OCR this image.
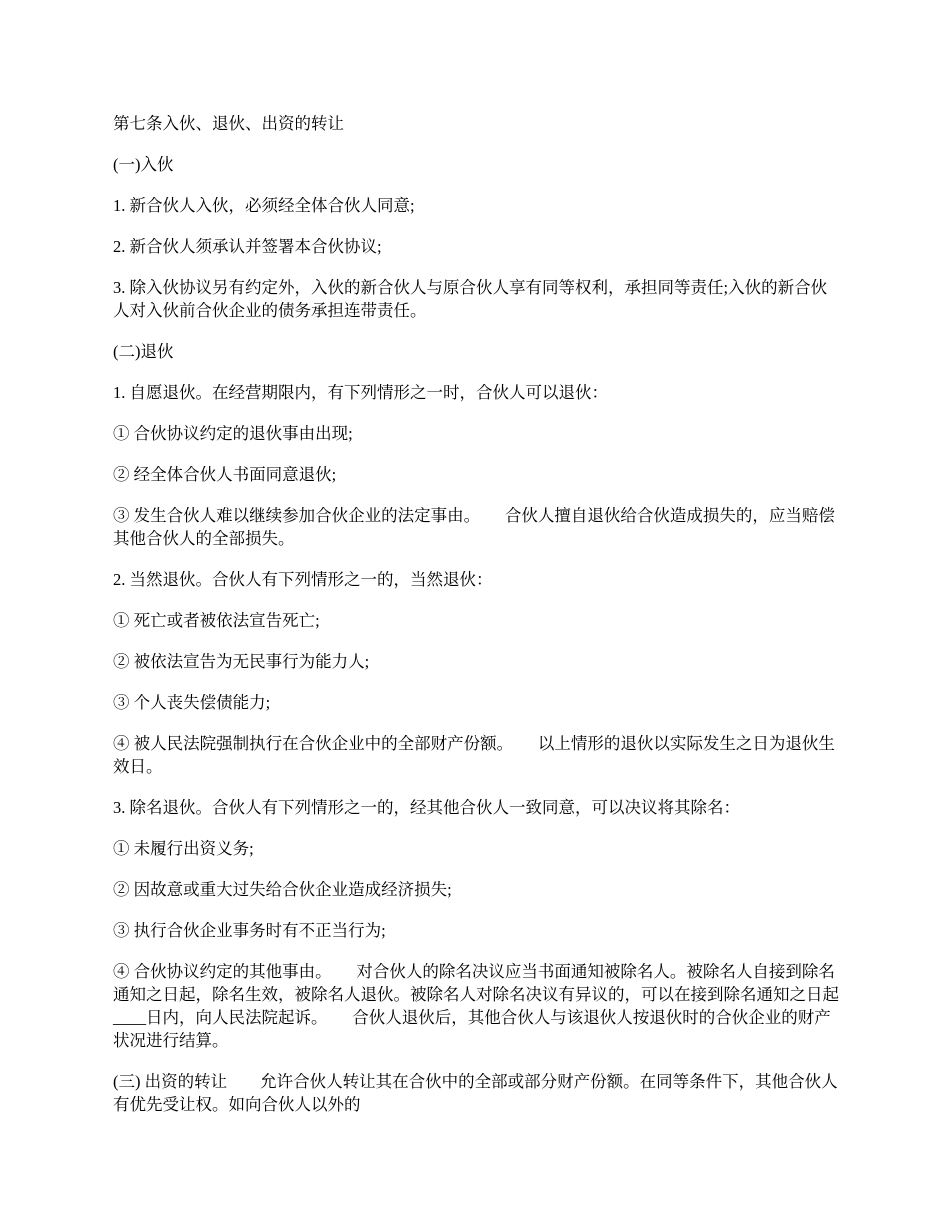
第七条入伙、退伙、出资的转让

(一)入伙

1. 新合伙人入伙，必须经全体合伙人同意;

2. 新合伙人须承认并签署本合伙协议;

3. 除入伙协议另有约定外，入伙的新合伙人与原合伙人享有同等权利，承担同等责任;入伙的新合伙人对入伙前合伙企业的债务承担连带责任。

(二)退伙

1. 自愿退伙。在经营期限内，有下列情形之一时，合伙人可以退伙：

① 合伙协议约定的退伙事由出现;

② 经全体合伙人书面同意退伙;

③ 发生合伙人难以继续参加合伙企业的法定事由。　　合伙人擅自退伙给合伙造成损失的，应当赔偿其他合伙人的全部损失。

2. 当然退伙。合伙人有下列情形之一的，当然退伙：

① 死亡或者被依法宣告死亡;

② 被依法宣告为无民事行为能力人;

③ 个人丧失偿债能力;

④ 被人民法院强制执行在合伙企业中的全部财产份额。　　以上情形的退伙以实际发生之日为退伙生效日。

3. 除名退伙。合伙人有下列情形之一的，经其他合伙人一致同意，可以决议将其除名：

① 未履行出资义务;

② 因故意或重大过失给合伙企业造成经济损失;

③ 执行合伙企业事务时有不正当行为;

④ 合伙协议约定的其他事由。　　对合伙人的除名决议应当书面通知被除名人。被除名人自接到除名通知之日起，除名生效，被除名人退伙。被除名人对除名决议有异议的，可以在接到除名通知之日起____日内，向人民法院起诉。　　合伙人退伙后，其他合伙人与该退伙人按退伙时的合伙企业的财产状况进行结算。

(三) 出资的转让　　允许合伙人转让其在合伙中的全部或部分财产份额。在同等条件下，其他合伙人有优先受让权。如向合伙人以外的
